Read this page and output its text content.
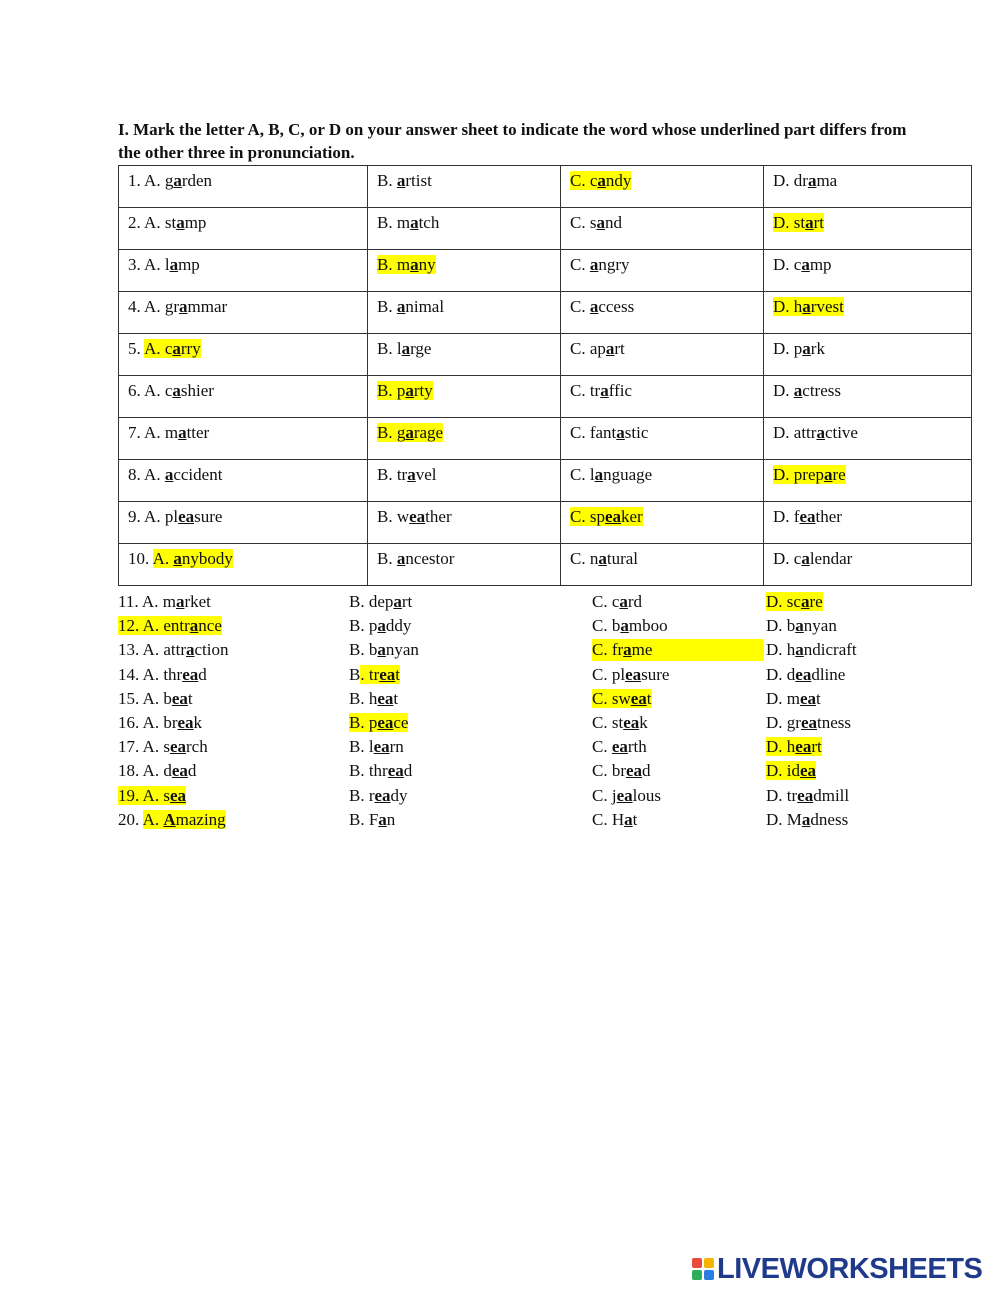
I. Mark the letter A, B, C, or D on your answer sheet to indicate the word whose underlined part differs from the other three in pronunciation.
1. A. garden	B. artist	C. candy	D. drama
2. A. stamp	B. match	C. sand	D. start
3. A. lamp	B. many	C. angry	D. camp
4. A. grammar	B. animal	C. access	D. harvest
5. A. carry	B. large	C. apart	D. park
6. A. cashier	B. party	C. traffic	D. actress
7. A. matter	B. garage	C. fantastic	D. attractive
8. A. accident	B. travel	C. language	D. prepare
9. A. pleasure	B. weather	C. speaker	D. feather
10. A. anybody	B. ancestor	C. natural	D. calendar
11. A. market	B. depart	C. card	D. scare
12. A. entrance	B. paddy	C. bamboo	D. banyan
13. A. attraction	B. banyan	C. frame	D. handicraft
14. A. thread	B. treat	C. pleasure	D. deadline
15. A. beat	B. heat	C. sweat	D. meat
16. A. break	B. peace	C. steak	D. greatness
17. A. search	B. learn	C. earth	D. heart
18. A. dead	B. thread	C. bread	D. idea
19. A. sea	B. ready	C. jealous	D. treadmill
20. A. Amazing	B. Fan	C. Hat	D. Madness
LIVEWORKSHEETS
